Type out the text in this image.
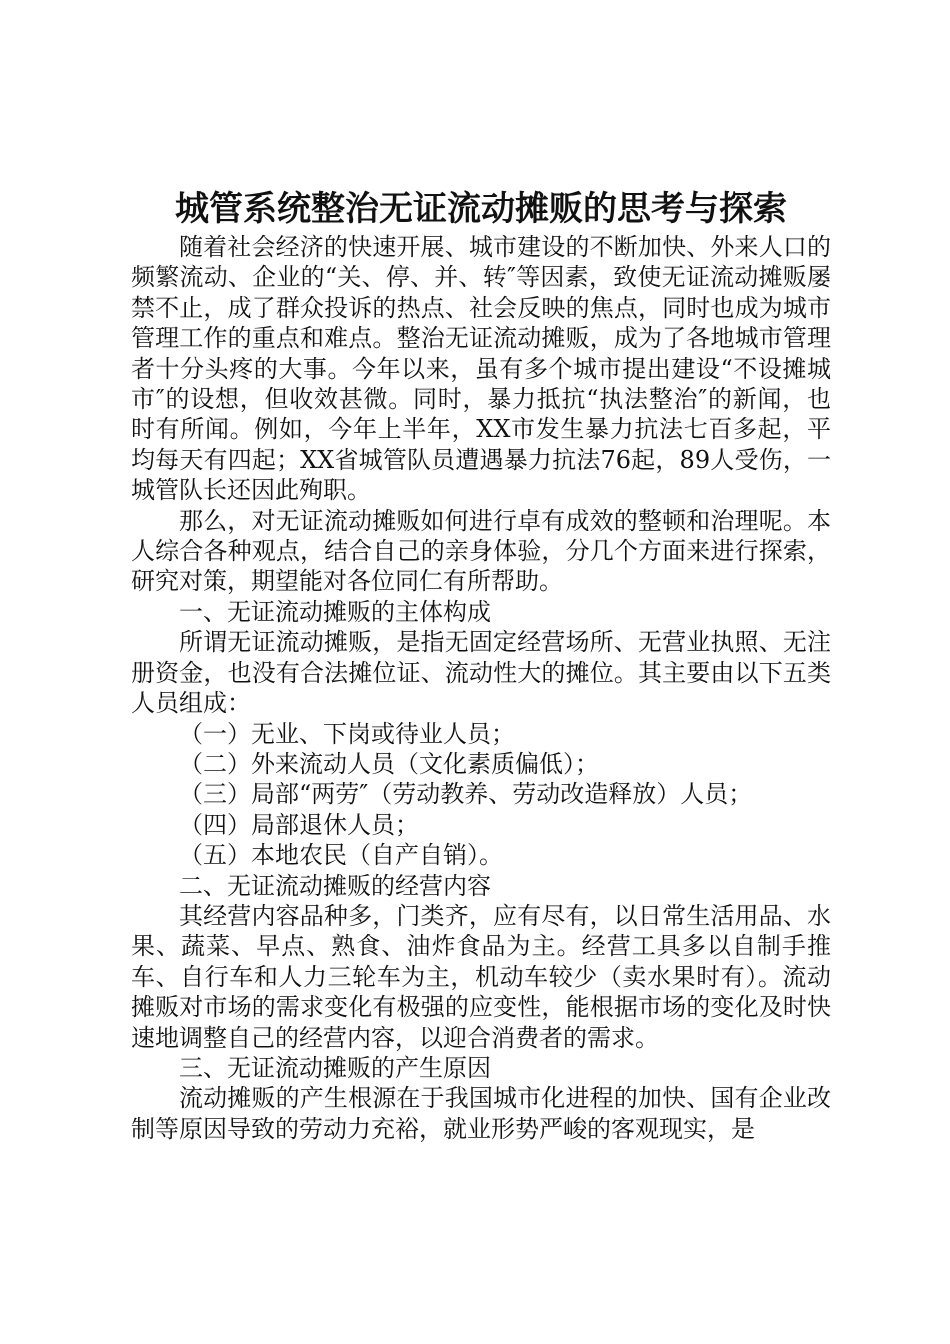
城管系统整治无证流动摊贩的思考与探索

随着社会经济的快速开展、城市建设的不断加快、外来人口的频繁流动、企业的“关、停、并、转″等因素，致使无证流动摊贩屡禁不止，成了群众投诉的热点、社会反映的焦点，同时也成为城市管理工作的重点和难点。整治无证流动摊贩，成为了各地城市管理者十分头疼的大事。今年以来，虽有多个城市提出建设“不设摊城市″的设想，但收效甚微。同时，暴力抵抗“执法整治″的新闻，也时有所闻。例如，今年上半年，XX市发生暴力抗法七百多起，平均每天有四起；XX省城管队员遭遇暴力抗法76起，89人受伤，一城管队长还因此殉职。

那么，对无证流动摊贩如何进行卓有成效的整顿和治理呢。本人综合各种观点，结合自己的亲身体验，分几个方面来进行探索，研究对策，期望能对各位同仁有所帮助。

一、无证流动摊贩的主体构成

所谓无证流动摊贩，是指无固定经营场所、无营业执照、无注册资金，也没有合法摊位证、流动性大的摊位。其主要由以下五类人员组成：

（一）无业、下岗或待业人员；

（二）外来流动人员（文化素质偏低）；

（三）局部“两劳″（劳动教养、劳动改造释放）人员；

（四）局部退休人员；

（五）本地农民（自产自销）。

二、无证流动摊贩的经营内容

其经营内容品种多，门类齐，应有尽有，以日常生活用品、水果、蔬菜、早点、熟食、油炸食品为主。经营工具多以自制手推车、自行车和人力三轮车为主，机动车较少（卖水果时有）。流动摊贩对市场的需求变化有极强的应变性，能根据市场的变化及时快速地调整自己的经营内容，以迎合消费者的需求。

三、无证流动摊贩的产生原因

流动摊贩的产生根源在于我国城市化进程的加快、国有企业改制等原因导致的劳动力充裕，就业形势严峻的客观现实，是
